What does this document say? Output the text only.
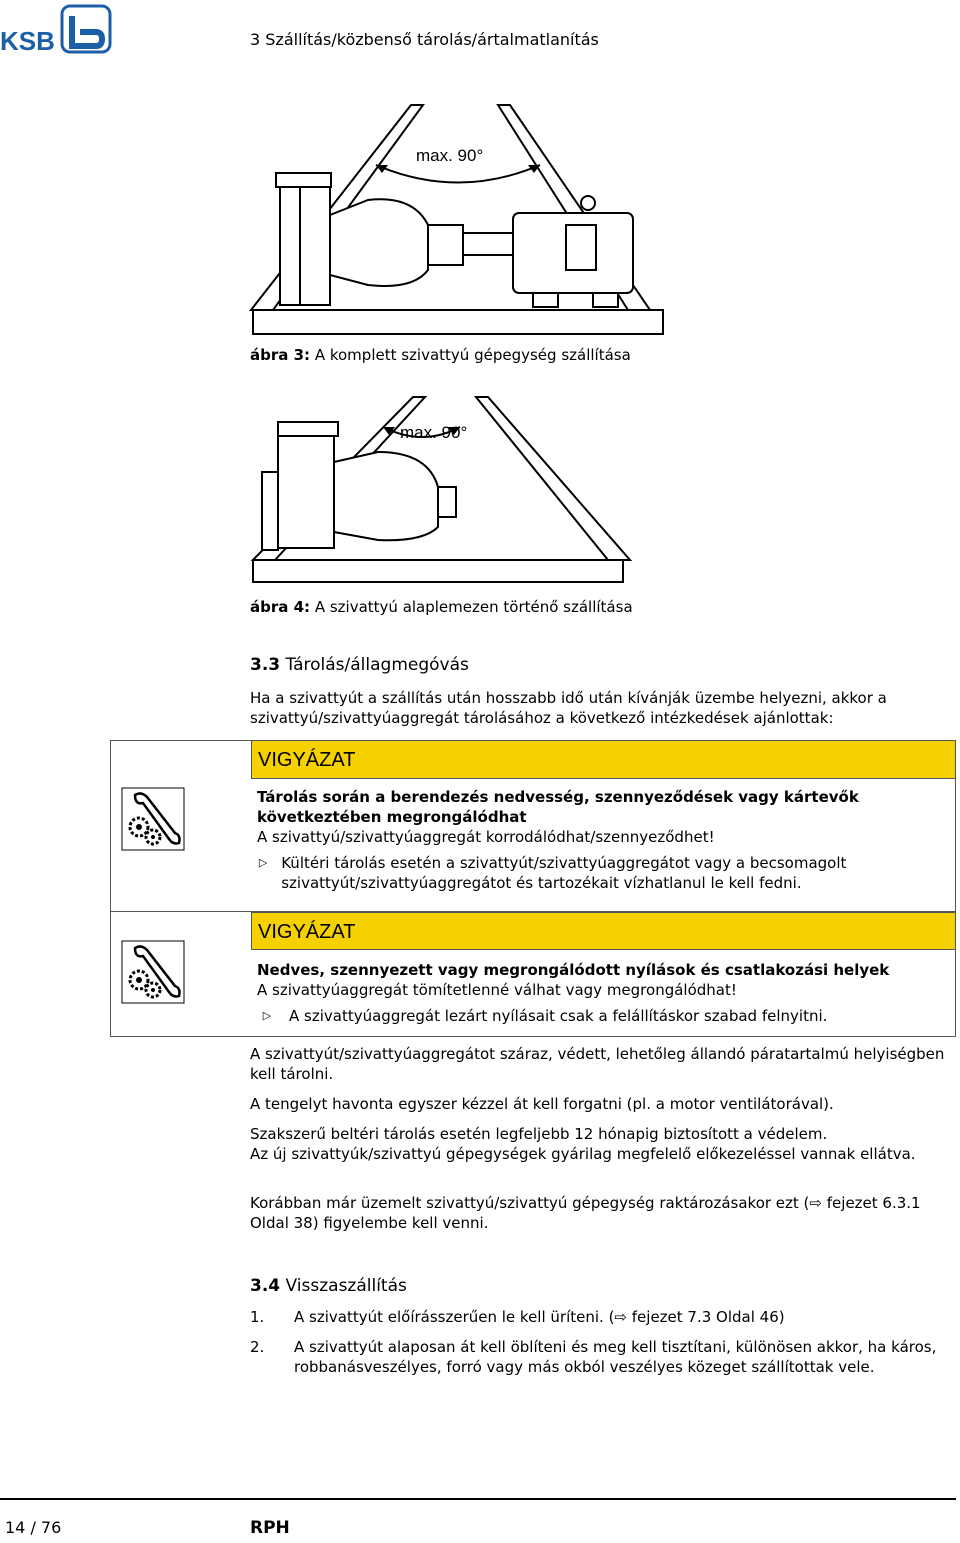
KSB	3 Szállítás/közbenső tárolás/ártalmatlanítás
max. 90°
ábra 3: A komplett szivattyú gépegység szállítása
max. 90°
ábra 4: A szivattyú alaplemezen történő szállítása
3.3 Tárolás/állagmegóvás

Ha a szivattyút a szállítás után hosszabb idő után kívánják üzembe helyezni, akkor a szivattyú/szivattyúaggregát tárolásához a következő intézkedések ajánlottak:

VIGYÁZAT
Tárolás során a berendezés nedvesség, szennyeződések vagy kártevők következtében megrongálódhat
A szivattyú/szivattyúaggregát korrodálódhat/szennyeződhet!
▷ Kültéri tárolás esetén a szivattyút/szivattyúaggregátot vagy a becsomagolt szivattyút/szivattyúaggregátot és tartozékait vízhatlanul le kell fedni.
VIGYÁZAT
Nedves, szennyezett vagy megrongálódott nyílások és csatlakozási helyek
A szivattyúaggregát tömítetlenné válhat vagy megrongálódhat!
▷	A szivattyúaggregát lezárt nyílásait csak a felállításkor szabad felnyitni.

A szivattyút/szivattyúaggregátot száraz, védett, lehetőleg állandó páratartalmú helyiségben kell tárolni.

A tengelyt havonta egyszer kézzel át kell forgatni (pl. a motor ventilátorával).

Szakszerű beltéri tárolás esetén legfeljebb 12 hónapig biztosított a védelem.

Az új szivattyúk/szivattyú gépegységek gyárilag megfelelő előkezeléssel vannak ellátva.

Korábban már üzemelt szivattyú/szivattyú gépegység raktározásakor ezt (⇨ fejezet 6.3.1 Oldal 38) figyelembe kell venni.

3.4 Visszaszállítás
1.	A szivattyút előírásszerűen le kell üríteni. (⇨ fejezet 7.3 Oldal 46)
2.	A szivattyút alaposan át kell öblíteni és meg kell tisztítani, különösen akkor, ha káros, robbanásveszélyes, forró vagy más okból veszélyes közeget szállítottak vele.
14 / 76	RPH
